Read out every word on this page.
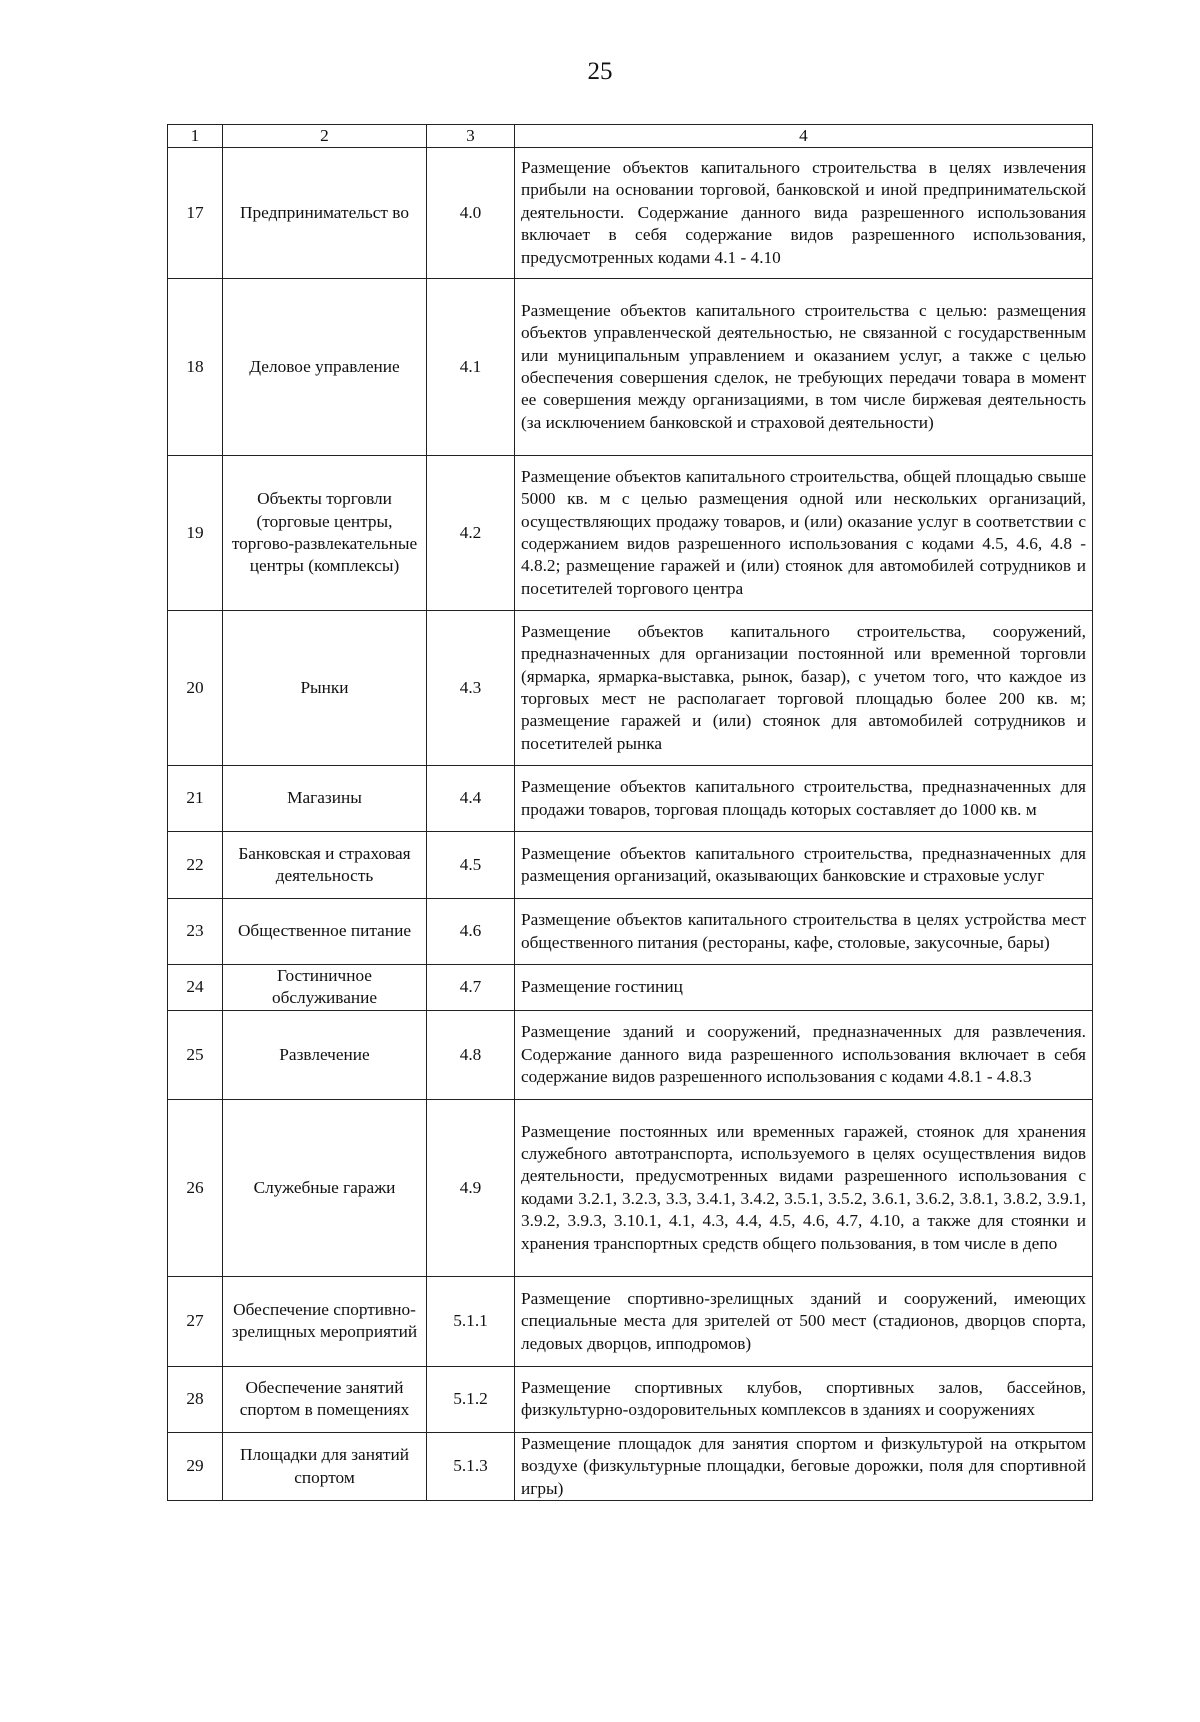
25
1	2	3	4
17	Предпринимательст во	4.0	Размещение объектов капитального строительства в целях извлечения прибыли на основании торговой, банковской и иной предпринимательской деятельности. Содержание данного вида разрешенного использования включает в себя содержание видов разрешенного использования, предусмотренных кодами 4.1 - 4.10
18	Деловое управление	4.1	Размещение объектов капитального строительства с целью: размещения объектов управленческой деятельностью, не связанной с государственным или муниципальным управлением и оказанием услуг, а также с целью обеспечения совершения сделок, не требующих передачи товара в момент ее совершения между организациями, в том числе биржевая деятельность (за исключением банковской и страховой деятельности)
19	Объекты торговли (торговые центры, торгово-развлекательные центры (комплексы)	4.2	Размещение объектов капитального строительства, общей площадью свыше 5000 кв. м с целью размещения одной или нескольких организаций, осуществляющих продажу товаров, и (или) оказание услуг в соответствии с содержанием видов разрешенного использования с кодами 4.5, 4.6, 4.8 - 4.8.2; размещение гаражей и (или) стоянок для автомобилей сотрудников и посетителей торгового центра
20	Рынки	4.3	Размещение объектов капитального строительства, сооружений, предназначенных для организации постоянной или временной торговли (ярмарка, ярмарка-выставка, рынок, базар), с учетом того, что каждое из торговых мест не располагает торговой площадью более 200 кв. м; размещение гаражей и (или) стоянок для автомобилей сотрудников и посетителей рынка
21	Магазины	4.4	Размещение объектов капитального строительства, предназначенных для продажи товаров, торговая площадь которых составляет до 1000 кв. м
22	Банковская и страховая деятельность	4.5	Размещение объектов капитального строительства, предназначенных для размещения организаций, оказывающих банковские и страховые услуг
23	Общественное питание	4.6	Размещение объектов капитального строительства в целях устройства мест общественного питания (рестораны, кафе, столовые, закусочные, бары)
24	Гостиничное обслуживание	4.7	Размещение гостиниц
25	Развлечение	4.8	Размещение зданий и сооружений, предназначенных для развлечения. Содержание данного вида разрешенного использования включает в себя содержание видов разрешенного использования с кодами 4.8.1 - 4.8.3
26	Служебные гаражи	4.9	Размещение постоянных или временных гаражей, стоянок для хранения служебного автотранспорта, используемого в целях осуществления видов деятельности, предусмотренных видами разрешенного использования с кодами 3.2.1, 3.2.3, 3.3, 3.4.1, 3.4.2, 3.5.1, 3.5.2, 3.6.1, 3.6.2, 3.8.1, 3.8.2, 3.9.1, 3.9.2, 3.9.3, 3.10.1, 4.1, 4.3, 4.4, 4.5, 4.6, 4.7, 4.10, а также для стоянки и хранения транспортных средств общего пользования, в том числе в депо
27	Обеспечение спортивно-зрелищных мероприятий	5.1.1	Размещение спортивно-зрелищных зданий и сооружений, имеющих специальные места для зрителей от 500 мест (стадионов, дворцов спорта, ледовых дворцов, ипподромов)
28	Обеспечение занятий спортом в помещениях	5.1.2	Размещение спортивных клубов, спортивных залов, бассейнов, физкультурно-оздоровительных комплексов в зданиях и сооружениях
29	Площадки для занятий спортом	5.1.3	Размещение площадок для занятия спортом и физкультурой на открытом воздухе (физкультурные площадки, беговые дорожки, поля для спортивной игры)
